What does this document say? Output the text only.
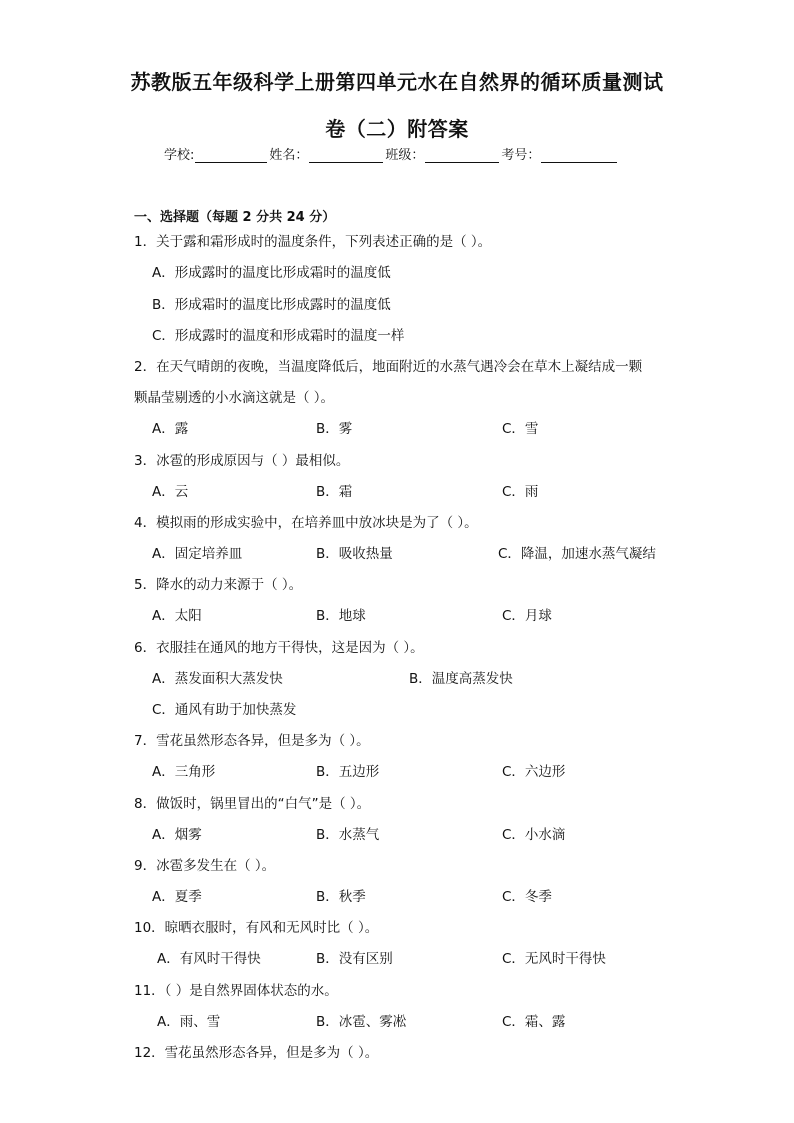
苏教版五年级科学上册第四单元水在自然界的循环质量测试
卷（二）附答案
学校:	姓名：	班级：	考号：
一、选择题（每题 2 分共 24 分）
1．关于露和霜形成时的温度条件，下列表述正确的是（ ）。
A．形成露时的温度比形成霜时的温度低
B．形成霜时的温度比形成露时的温度低
C．形成露时的温度和形成霜时的温度一样
2．在天气晴朗的夜晚，当温度降低后，地面附近的水蒸气遇冷会在草木上凝结成一颗
颗晶莹剔透的小水滴这就是（ ）。
A．露	B．雾	C．雪
3．冰雹的形成原因与（ ）最相似。
A．云	B．霜	C．雨
4．模拟雨的形成实验中，在培养皿中放冰块是为了（ ）。
A．固定培养皿	B．吸收热量	C．降温，加速水蒸气凝结
5．降水的动力来源于（ ）。
A．太阳	B．地球	C．月球
6．衣服挂在通风的地方干得快，这是因为（ ）。
A．蒸发面积大蒸发快	B．温度高蒸发快
C．通风有助于加快蒸发
7．雪花虽然形态各异，但是多为（ ）。
A．三角形	B．五边形	C．六边形
8．做饭时，锅里冒出的“白气”是（ ）。
A．烟雾	B．水蒸气	C．小水滴
9．冰雹多发生在（ ）。
A．夏季	B．秋季	C．冬季
10．晾晒衣服时，有风和无风时比（ ）。
A．有风时干得快	B．没有区别	C．无风时干得快
11．（ ）是自然界固体状态的水。
A．雨、雪	B．冰雹、雾凇	C．霜、露
12．雪花虽然形态各异，但是多为（ ）。
